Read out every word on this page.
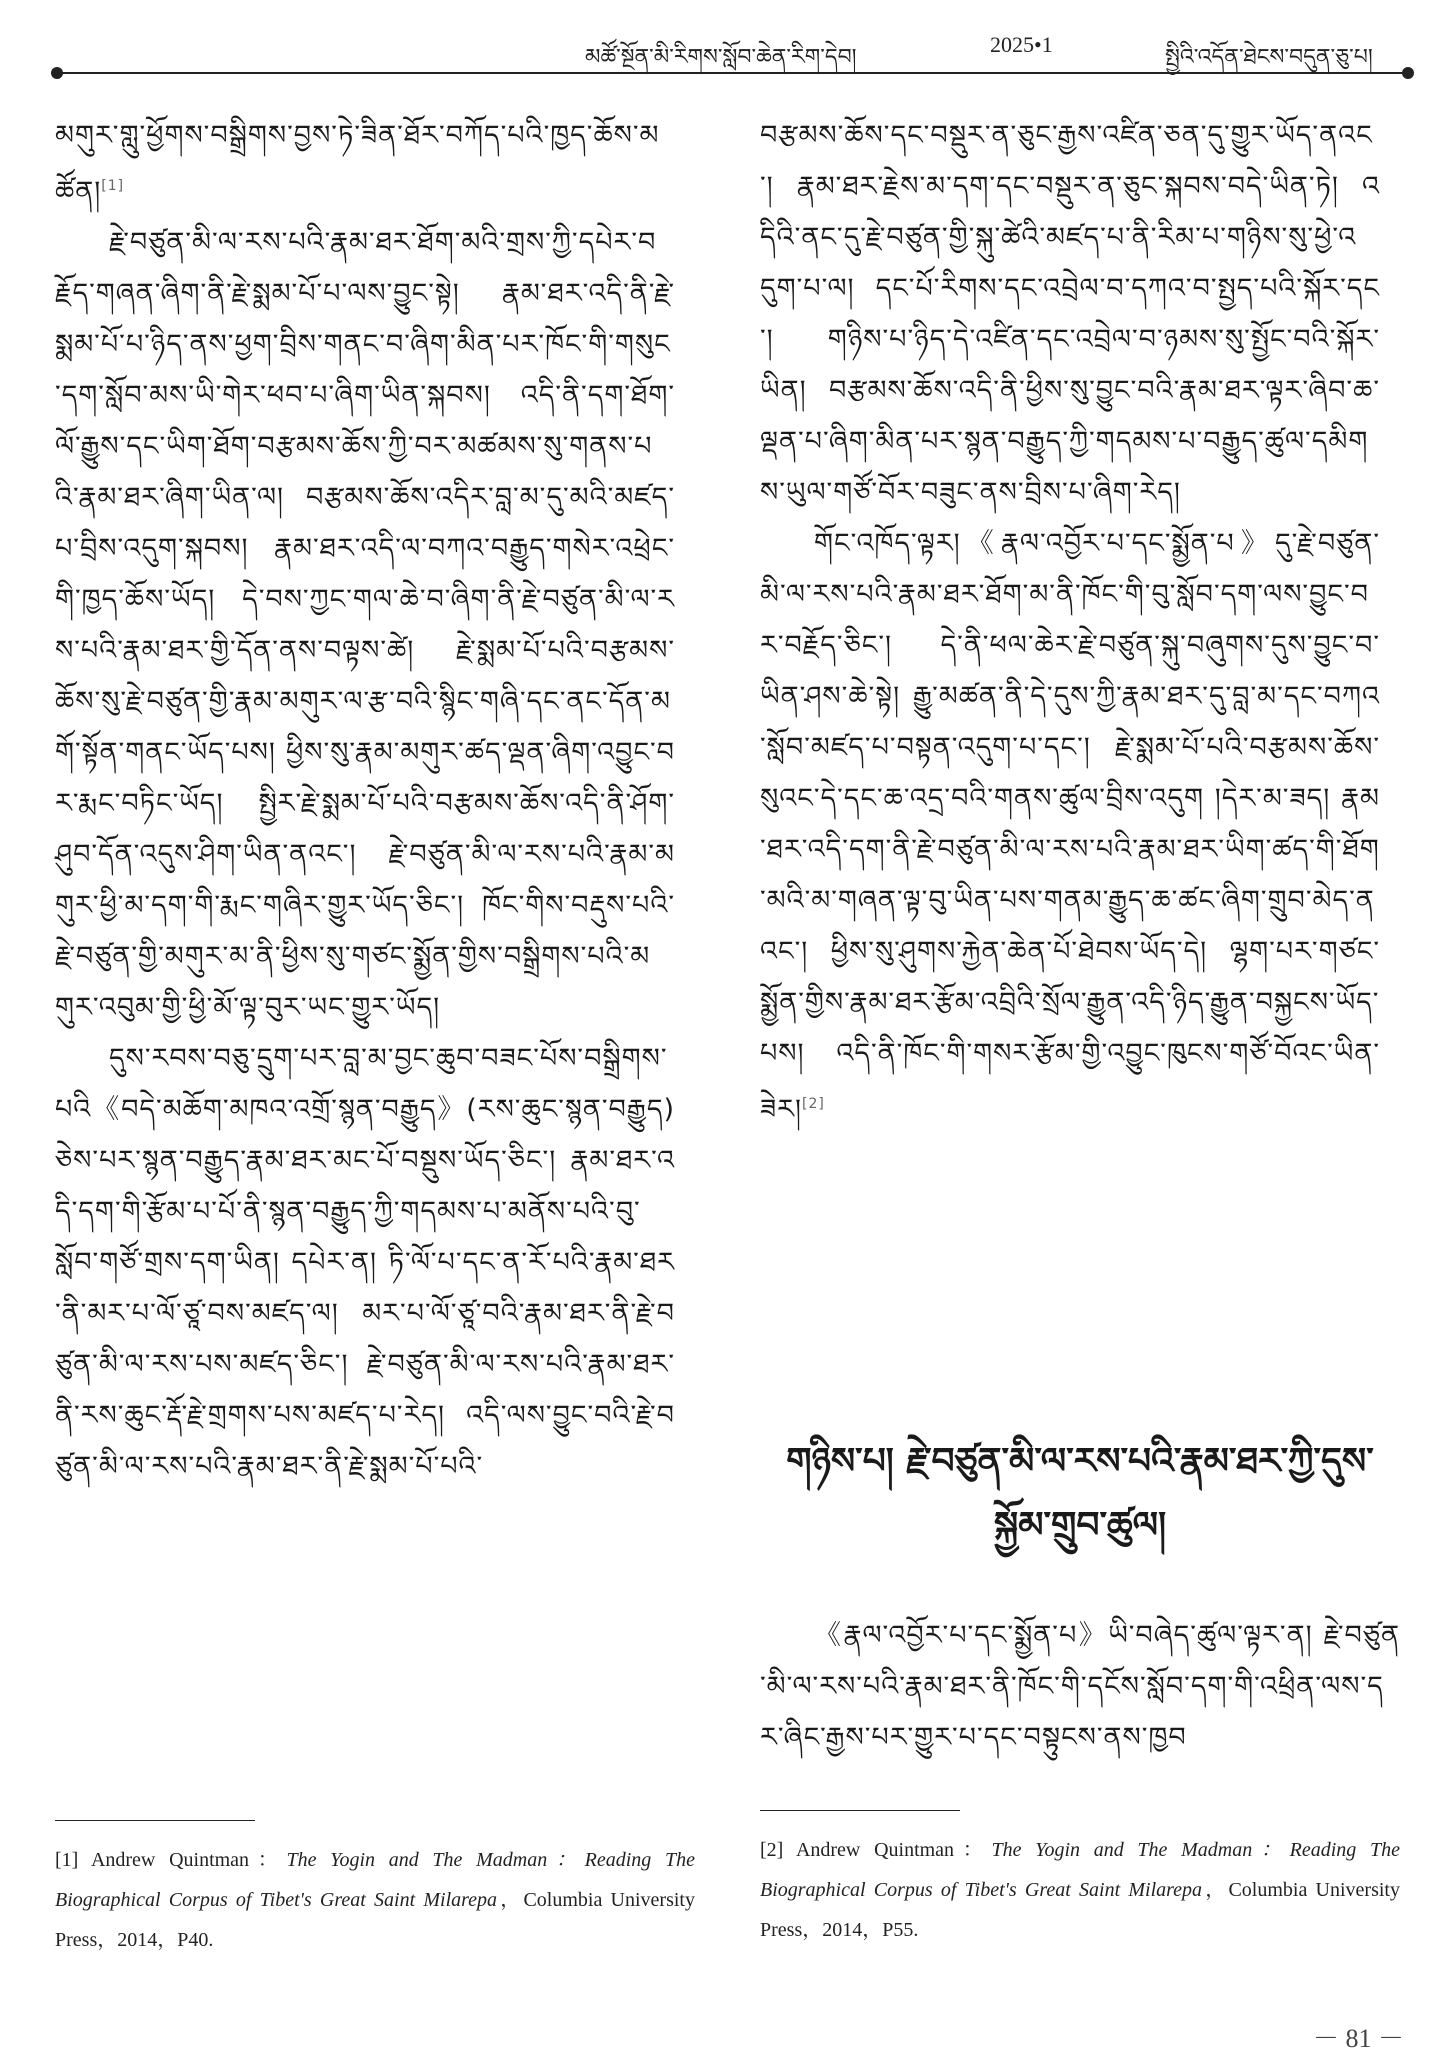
མཚོ་སྔོན་མི་རིགས་སློབ་ཆེན་རིག་དེབ།
2025•1
སྤྱིའི་འདོན་ཐེངས་བདུན་ཅུ་པ།

མགུར་གླུ་ཕྱོགས་བསྒྲིགས་བྱས་ཏེ་ཟིན་ཐོར་བཀོད་པའི་ཁྱད་ཆོས་མཚོན།[1]

རྗེ་བཙུན་མི་ལ་རས་པའི་རྣམ་ཐར་ཐོག་མའི་གྲས་ཀྱི་དཔེར་བརྗོད་གཞན་ཞིག་ནི་རྗེ་སྨམ་པོ་པ་ལས་བྱུང་སྟེ། རྣམ་ཐར་འདི་ནི་རྗེ་སྨམ་པོ་པ་ཉིད་ནས་ཕྱག་བྲིས་གནང་བ་ཞིག་མིན་པར་ཁོང་གི་གསུང་དག་སློབ་མས་ཡི་གེར་ཕབ་པ་ཞིག་ཡིན་སྐབས། འདི་ནི་དག་ཐོག་ལོ་རྒྱུས་དང་ཡིག་ཐོག་བརྩམས་ཆོས་ཀྱི་བར་མཚམས་སུ་གནས་པའི་རྣམ་ཐར་ཞིག་ཡིན་ལ། བརྩམས་ཆོས་འདིར་བླ་མ་དུ་མའི་མཛད་པ་བྲིས་འདུག་སྐབས། རྣམ་ཐར་འདི་ལ་བཀའ་བརྒྱུད་གསེར་འཕྲེང་གི་ཁྱད་ཆོས་ཡོད། དེ་བས་ཀྱང་གལ་ཆེ་བ་ཞིག་ནི་རྗེ་བཙུན་མི་ལ་རས་པའི་རྣམ་ཐར་གྱི་དོན་ནས་བལྟས་ཚེ། རྗེ་སྨམ་པོ་པའི་བརྩམས་ཆོས་སུ་རྗེ་བཙུན་གྱི་རྣམ་མགུར་ལ་རྩ་བའི་སྙིང་གཞི་དང་ནང་དོན་མགོ་སྟོན་གནང་ཡོད་པས། ཕྱིས་སུ་རྣམ་མགུར་ཚད་ལྡན་ཞིག་འབྱུང་བར་རྨང་བཏིང་ཡོད། སྤྱིར་རྗེ་སྨམ་པོ་པའི་བརྩམས་ཆོས་འདི་ནི་ཤོག་ཤུབ་དོན་འདུས་ཤིག་ཡིན་ནའང་། རྗེ་བཙུན་མི་ལ་རས་པའི་རྣམ་མགུར་ཕྱི་མ་དག་གི་རྨང་གཞིར་གྱུར་ཡོད་ཅིང་། ཁོང་གིས་བརྡུས་པའི་རྗེ་བཙུན་གྱི་མགུར་མ་ནི་ཕྱིས་སུ་གཙང་སྨྱོན་གྱིས་བསྒྲིགས་པའི་མགུར་འབུམ་གྱི་ཕྱི་མོ་ལྟ་བུར་ཡང་གྱུར་ཡོད།

དུས་རབས་བཅུ་དྲུག་པར་བླ་མ་བྱང་ཆུབ་བཟང་པོས་བསྒྲིགས་པའི《བདེ་མཆོག་མཁའ་འགྲོ་སྙན་བརྒྱུད》(རས་ཆུང་སྙན་བརྒྱུད)ཅེས་པར་སྙན་བརྒྱུད་རྣམ་ཐར་མང་པོ་བསྡུས་ཡོད་ཅིང་། རྣམ་ཐར་འདི་དག་གི་རྩོམ་པ་པོ་ནི་སྙན་བརྒྱུད་ཀྱི་གདམས་པ་མནོས་པའི་བུ་སློབ་གཙོ་གྲས་དག་ཡིན། དཔེར་ན། ཏི་ལོ་པ་དང་ན་རོ་པའི་རྣམ་ཐར་ནི་མར་པ་ལོ་ཙཱ་བས་མཛད་ལ། མར་པ་ལོ་ཙཱ་བའི་རྣམ་ཐར་ནི་རྗེ་བཙུན་མི་ལ་རས་པས་མཛད་ཅིང་། རྗེ་བཙུན་མི་ལ་རས་པའི་རྣམ་ཐར་ནི་རས་ཆུང་རྡོ་རྗེ་གྲགས་པས་མཛད་པ་རེད། འདི་ལས་བྱུང་བའི་རྗེ་བཙུན་མི་ལ་རས་པའི་རྣམ་ཐར་ནི་རྗེ་སྨམ་པོ་པའི་

བརྩམས་ཆོས་དང་བསྡུར་ན་ཅུང་རྒྱས་འཛིན་ཅན་དུ་གྱུར་ཡོད་ནའང་། རྣམ་ཐར་རྗེས་མ་དག་དང་བསྡུར་ན་ཅུང་སྐབས་བདེ་ཡིན་ཏེ། འདིའི་ནང་དུ་རྗེ་བཙུན་གྱི་སྐུ་ཚེའི་མཛད་པ་ནི་རིམ་པ་གཉིས་སུ་ཕྱེ་འདུག་པ་ལ། དང་པོ་རིགས་དང་འབྲེལ་བ་དཀའ་བ་སྤྱད་པའི་སྐོར་དང་། གཉིས་པ་ཉིད་དེ་འཛིན་དང་འབྲེལ་བ་ཉམས་སུ་སྤྱོང་བའི་སྐོར་ཡིན། བརྩམས་ཆོས་འདི་ནི་ཕྱིས་སུ་བྱུང་བའི་རྣམ་ཐར་ལྟར་ཞིབ་ཆ་ལྡན་པ་ཞིག་མིན་པར་སྙན་བརྒྱུད་ཀྱི་གདམས་པ་བརྒྱུད་ཚུལ་དམིགས་ཡུལ་གཙོ་བོར་བཟུང་ནས་བྲིས་པ་ཞིག་རེད།

གོང་འཁོད་ལྟར།《རྣལ་འབྱོར་པ་དང་སྨྱོན་པ》དུ་རྗེ་བཙུན་མི་ལ་རས་པའི་རྣམ་ཐར་ཐོག་མ་ནི་ཁོང་གི་བུ་སློབ་དག་ལས་བྱུང་བར་བརྗོད་ཅིང་། དེ་ནི་ཕལ་ཆེར་རྗེ་བཙུན་སྐུ་བཞུགས་དུས་བྱུང་བ་ཡིན་ཤས་ཆེ་སྟེ། རྒྱུ་མཚན་ནི་དེ་དུས་ཀྱི་རྣམ་ཐར་དུ་བླ་མ་དང་བཀའ་སློབ་མཛད་པ་བསྟན་འདུག་པ་དང་། རྗེ་སྨམ་པོ་པའི་བརྩམས་ཆོས་སུའང་དེ་དང་ཆ་འདྲ་བའི་གནས་ཚུལ་བྲིས་འདུག །དེར་མ་ཟད། རྣམ་ཐར་འདི་དག་ནི་རྗེ་བཙུན་མི་ལ་རས་པའི་རྣམ་ཐར་ཡིག་ཚད་གི་ཐོག་མའི་མ་གཞན་ལྟ་བུ་ཡིན་པས་གནམ་རྒྱུད་ཆ་ཚང་ཞིག་གྲུབ་མེད་ནའང་། ཕྱིས་སུ་ཤུགས་རྐྱེན་ཆེན་པོ་ཐེབས་ཡོད་དེ། ལྷག་པར་གཙང་སྨྱོན་གྱིས་རྣམ་ཐར་རྩོམ་འབྲིའི་སྲོལ་རྒྱུན་འདི་ཉིད་རྒྱུན་བསྐྱངས་ཡོད་པས། འདི་ནི་ཁོང་གི་གསར་རྩོམ་གྱི་འབྱུང་ཁུངས་གཙོ་བོའང་ཡིན་ཟེར།[2]

གཉིས་པ། རྗེ་བཙུན་མི་ལ་རས་པའི་རྣམ་ཐར་ཀྱི་དུས་སྐྱོམ་གྲུབ་ཚུལ།

《རྣལ་འབྱོར་པ་དང་སྨྱོན་པ》ཡི་བཞེད་ཚུལ་ལྟར་ན། རྗེ་བཙུན་མི་ལ་རས་པའི་རྣམ་ཐར་ནི་ཁོང་གི་དངོས་སློབ་དག་གི་འཕྲིན་ལས་དར་ཞིང་རྒྱས་པར་གྱུར་པ་དང་བསྟུངས་ནས་ཁྱབ

[1] Andrew Quintman：The Yogin and The Madman：Reading The Biographical Corpus of Tibet's Great Saint Milarepa，Columbia University Press，2014，P40.
[2] Andrew Quintman：The Yogin and The Madman：Reading The Biographical Corpus of Tibet's Great Saint Milarepa，Columbia University Press，2014，P55.
－ 81 －
